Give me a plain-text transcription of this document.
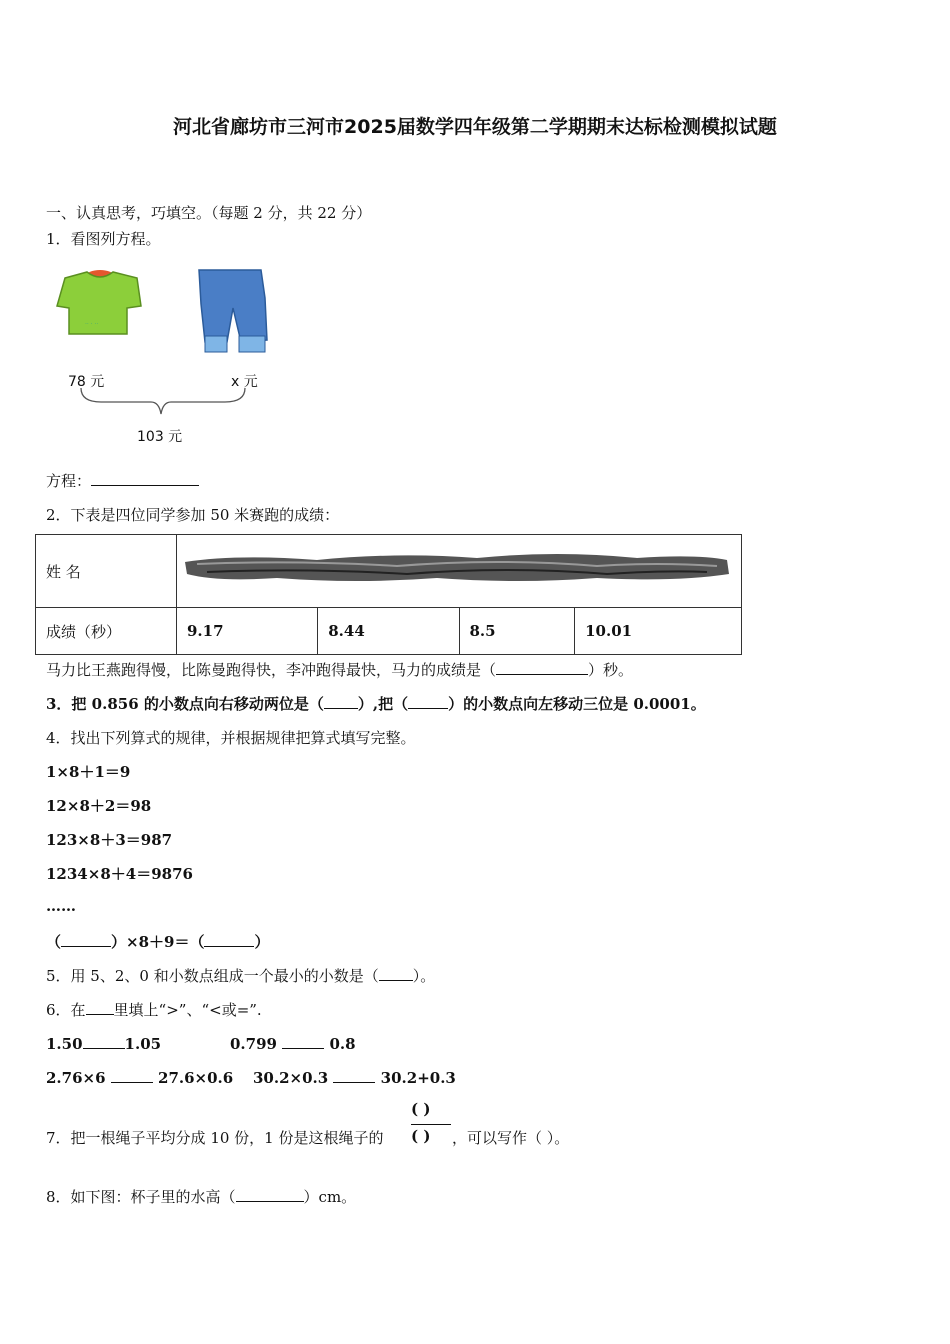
河北省廊坊市三河市2025届数学四年级第二学期期末达标检测模拟试题
一、认真思考，巧填空。（每题 2 分，共 22 分）
1．看图列方程。
.. . ..
78 元	x 元
103 元
方程：
2．下表是四位同学参加 50 米赛跑的成绩：
姓 名	
成绩（秒）	9.17	8.44	8.5	10.01
马力比王燕跑得慢，比陈曼跑得快，李冲跑得最快，马力的成绩是（	）秒。
3．把 0.856 的小数点向右移动两位是（ ）,把（	）的小数点向左移动三位是 0.0001。
4．找出下列算式的规律，并根据规律把算式填写完整。
1×8＋1＝9
12×8＋2＝98
123×8＋3＝987
1234×8＋4＝9876
……
（	）×8＋9＝（	）
5．用 5、2、0 和小数点组成一个最小的小数是（ ）。
6．在 里填上“>”、“<或=”.
1.50	1.05	0.799	0.8
2.76×6	27.6×0.6 30.2×0.3	30.2+0.3
7．把一根绳子平均分成 10 份，1 份是这根绳子的
( )
( ) ，可以写作（ ）。
8．如下图：杯子里的水高（	）cm。
